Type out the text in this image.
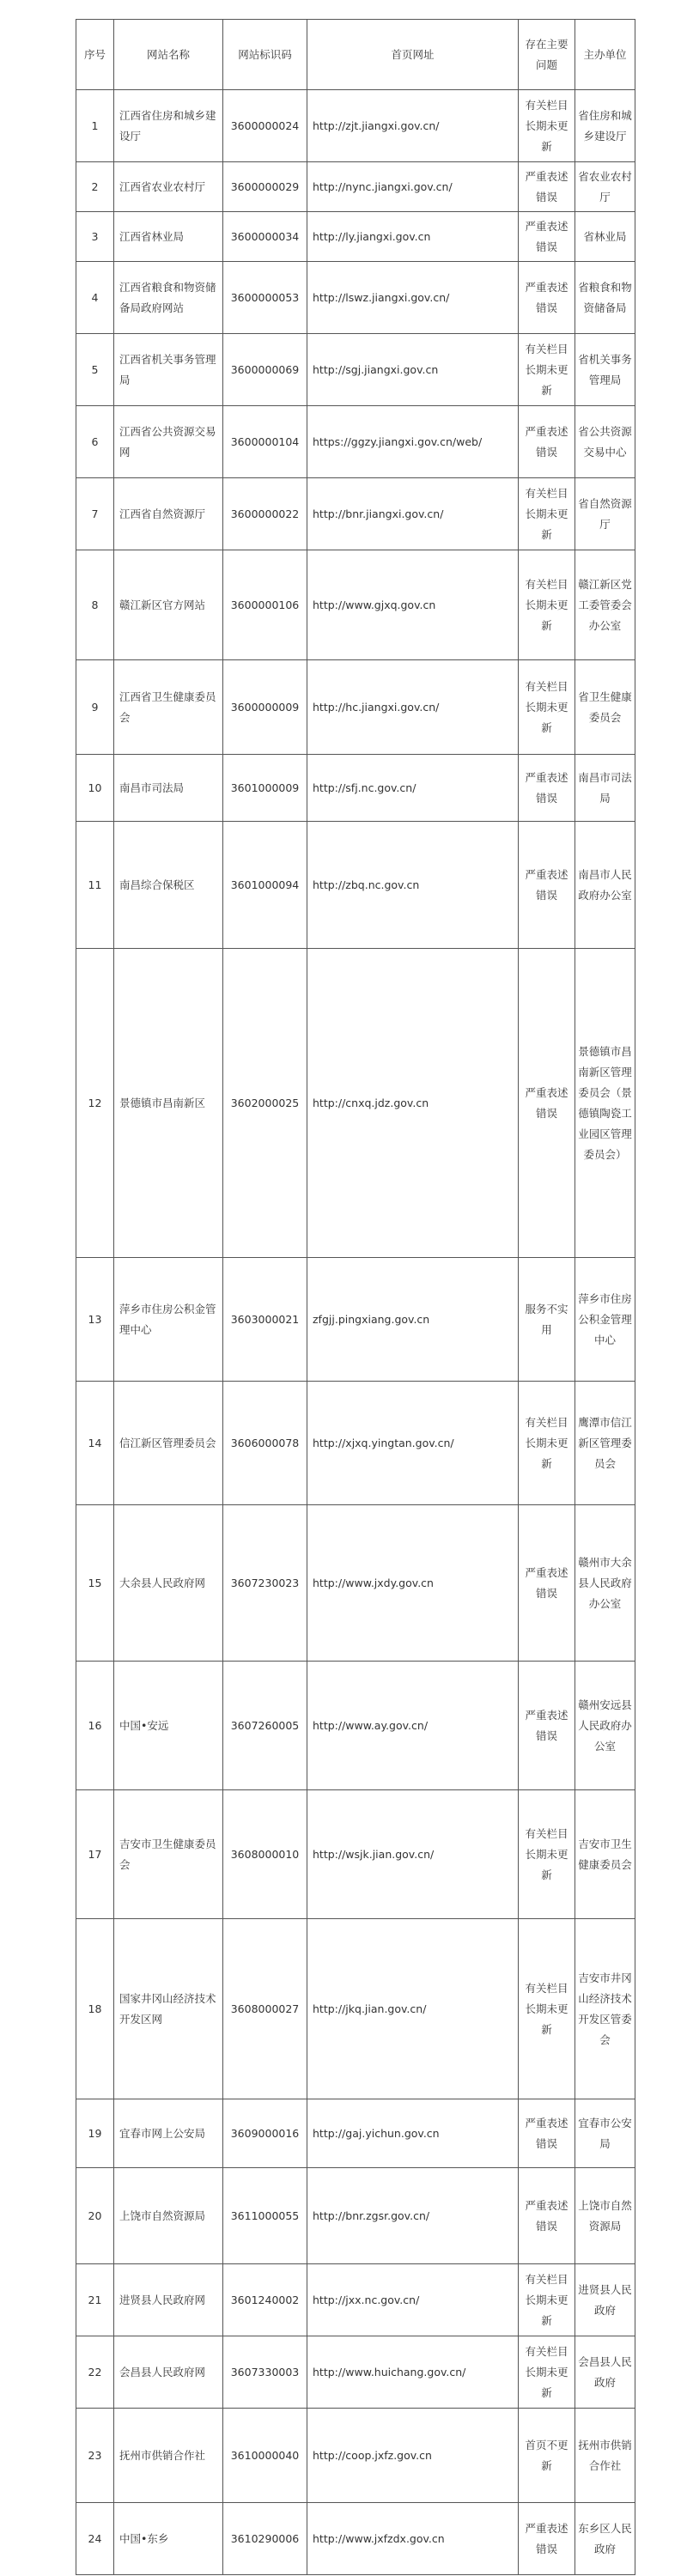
序号	网站名称	网站标识码	首页网址	存在主要问题	主办单位
1	江西省住房和城乡建设厅	3600000024	http://zjt.jiangxi.gov.cn/	有关栏目长期未更新	省住房和城乡建设厅
2	江西省农业农村厅	3600000029	http://nync.jiangxi.gov.cn/	严重表述错误	省农业农村厅
3	江西省林业局	3600000034	http://ly.jiangxi.gov.cn	严重表述错误	省林业局
4	江西省粮食和物资储备局政府网站	3600000053	http://lswz.jiangxi.gov.cn/	严重表述错误	省粮食和物资储备局
5	江西省机关事务管理局	3600000069	http://sgj.jiangxi.gov.cn	有关栏目长期未更新	省机关事务管理局
6	江西省公共资源交易网	3600000104	https://ggzy.jiangxi.gov.cn/web/	严重表述错误	省公共资源交易中心
7	江西省自然资源厅	3600000022	http://bnr.jiangxi.gov.cn/	有关栏目长期未更新	省自然资源厅
8	赣江新区官方网站	3600000106	http://www.gjxq.gov.cn	有关栏目长期未更新	赣江新区党工委管委会办公室
9	江西省卫生健康委员会	3600000009	http://hc.jiangxi.gov.cn/	有关栏目长期未更新	省卫生健康委员会
10	南昌市司法局	3601000009	http://sfj.nc.gov.cn/	严重表述错误	南昌市司法局
11	南昌综合保税区	3601000094	http://zbq.nc.gov.cn	严重表述错误	南昌市人民政府办公室
12	景德镇市昌南新区	3602000025	http://cnxq.jdz.gov.cn	严重表述错误	景德镇市昌南新区管理委员会（景德镇陶瓷工业园区管理委员会）
13	萍乡市住房公积金管理中心	3603000021	zfgjj.pingxiang.gov.cn	服务不实用	萍乡市住房公积金管理中心
14	信江新区管理委员会	3606000078	http://xjxq.yingtan.gov.cn/	有关栏目长期未更新	鹰潭市信江新区管理委员会
15	大余县人民政府网	3607230023	http://www.jxdy.gov.cn	严重表述错误	赣州市大余县人民政府办公室
16	中国•安远	3607260005	http://www.ay.gov.cn/	严重表述错误	赣州安远县人民政府办公室
17	吉安市卫生健康委员会	3608000010	http://wsjk.jian.gov.cn/	有关栏目长期未更新	吉安市卫生健康委员会
18	国家井冈山经济技术开发区网	3608000027	http://jkq.jian.gov.cn/	有关栏目长期未更新	吉安市井冈山经济技术开发区管委会
19	宜春市网上公安局	3609000016	http://gaj.yichun.gov.cn	严重表述错误	宜春市公安局
20	上饶市自然资源局	3611000055	http://bnr.zgsr.gov.cn/	严重表述错误	上饶市自然资源局
21	进贤县人民政府网	3601240002	http://jxx.nc.gov.cn/	有关栏目长期未更新	进贤县人民政府
22	会昌县人民政府网	3607330003	http://www.huichang.gov.cn/	有关栏目长期未更新	会昌县人民政府
23	抚州市供销合作社	3610000040	http://coop.jxfz.gov.cn	首页不更新	抚州市供销合作社
24	中国•东乡	3610290006	http://www.jxfzdx.gov.cn	严重表述错误	东乡区人民政府
